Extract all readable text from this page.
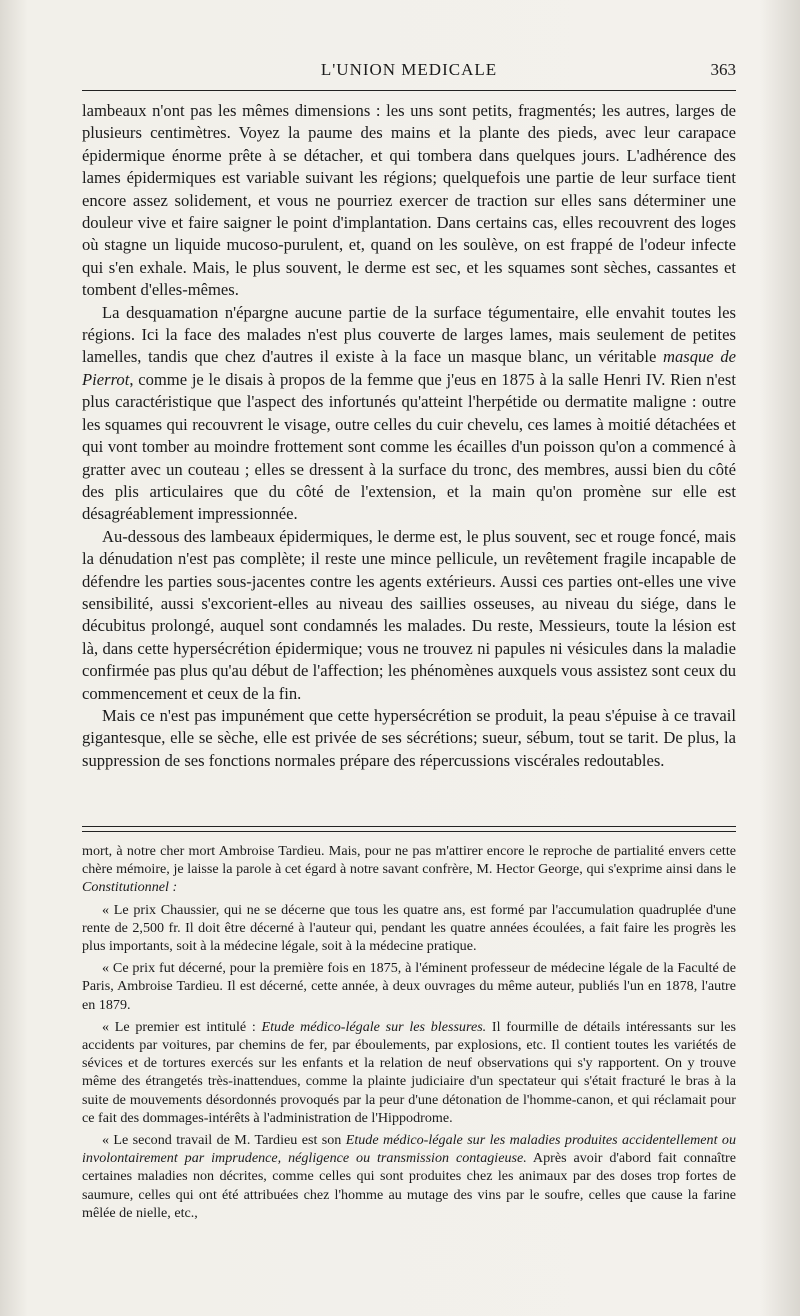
L'UNION MEDICALE	363

lambeaux n'ont pas les mêmes dimensions : les uns sont petits, fragmentés; les autres, larges de plusieurs centimètres. Voyez la paume des mains et la plante des pieds, avec leur carapace épidermique énorme prête à se détacher, et qui tombera dans quelques jours. L'adhérence des lames épidermiques est variable suivant les régions; quelquefois une partie de leur surface tient encore assez solidement, et vous ne pourriez exercer de traction sur elles sans déterminer une douleur vive et faire saigner le point d'implantation. Dans certains cas, elles recouvrent des loges où stagne un liquide mucoso-purulent, et, quand on les soulève, on est frappé de l'odeur infecte qui s'en exhale. Mais, le plus souvent, le derme est sec, et les squames sont sèches, cassantes et tombent d'elles-mêmes.

La desquamation n'épargne aucune partie de la surface tégumentaire, elle envahit toutes les régions. Ici la face des malades n'est plus couverte de larges lames, mais seulement de petites lamelles, tandis que chez d'autres il existe à la face un masque blanc, un véritable masque de Pierrot, comme je le disais à propos de la femme que j'eus en 1875 à la salle Henri IV. Rien n'est plus caractéristique que l'aspect des infortunés qu'atteint l'herpétide ou dermatite maligne : outre les squames qui recouvrent le visage, outre celles du cuir chevelu, ces lames à moitié détachées et qui vont tomber au moindre frottement sont comme les écailles d'un poisson qu'on a commencé à gratter avec un couteau ; elles se dressent à la surface du tronc, des membres, aussi bien du côté des plis articulaires que du côté de l'extension, et la main qu'on promène sur elle est désagréablement impressionnée.

Au-dessous des lambeaux épidermiques, le derme est, le plus souvent, sec et rouge foncé, mais la dénudation n'est pas complète; il reste une mince pellicule, un revêtement fragile incapable de défendre les parties sous-jacentes contre les agents extérieurs. Aussi ces parties ont-elles une vive sensibilité, aussi s'excorient-elles au niveau des saillies osseuses, au niveau du siége, dans le décubitus prolongé, auquel sont condamnés les malades. Du reste, Messieurs, toute la lésion est là, dans cette hypersécrétion épidermique; vous ne trouvez ni papules ni vésicules dans la maladie confirmée pas plus qu'au début de l'affection; les phénomènes auxquels vous assistez sont ceux du commencement et ceux de la fin.

Mais ce n'est pas impunément que cette hypersécrétion se produit, la peau s'épuise à ce travail gigantesque, elle se sèche, elle est privée de ses sécrétions; sueur, sébum, tout se tarit. De plus, la suppression de ses fonctions normales prépare des répercussions viscérales redoutables.

mort, à notre cher mort Ambroise Tardieu. Mais, pour ne pas m'attirer encore le reproche de partialité envers cette chère mémoire, je laisse la parole à cet égard à notre savant confrère, M. Hector George, qui s'exprime ainsi dans le Constitutionnel :

« Le prix Chaussier, qui ne se décerne que tous les quatre ans, est formé par l'accumulation quadruplée d'une rente de 2,500 fr. Il doit être décerné à l'auteur qui, pendant les quatre années écoulées, a fait faire les progrès les plus importants, soit à la médecine légale, soit à la médecine pratique.

« Ce prix fut décerné, pour la première fois en 1875, à l'éminent professeur de médecine légale de la Faculté de Paris, Ambroise Tardieu. Il est décerné, cette année, à deux ouvrages du même auteur, publiés l'un en 1878, l'autre en 1879.

« Le premier est intitulé : Etude médico-légale sur les blessures. Il fourmille de détails intéressants sur les accidents par voitures, par chemins de fer, par éboulements, par explosions, etc. Il contient toutes les variétés de sévices et de tortures exercés sur les enfants et la relation de neuf observations qui s'y rapportent. On y trouve même des étrangetés très-inattendues, comme la plainte judiciaire d'un spectateur qui s'était fracturé le bras à la suite de mouvements désordonnés provoqués par la peur d'une détonation de l'homme-canon, et qui réclamait pour ce fait des dommages-intérêts à l'administration de l'Hippodrome.

« Le second travail de M. Tardieu est son Etude médico-légale sur les maladies produites accidentellement ou involontairement par imprudence, négligence ou transmission contagieuse. Après avoir d'abord fait connaître certaines maladies non décrites, comme celles qui sont produites chez les animaux par des doses trop fortes de saumure, celles qui ont été attribuées chez l'homme au mutage des vins par le soufre, celles que cause la farine mêlée de nielle, etc.,
